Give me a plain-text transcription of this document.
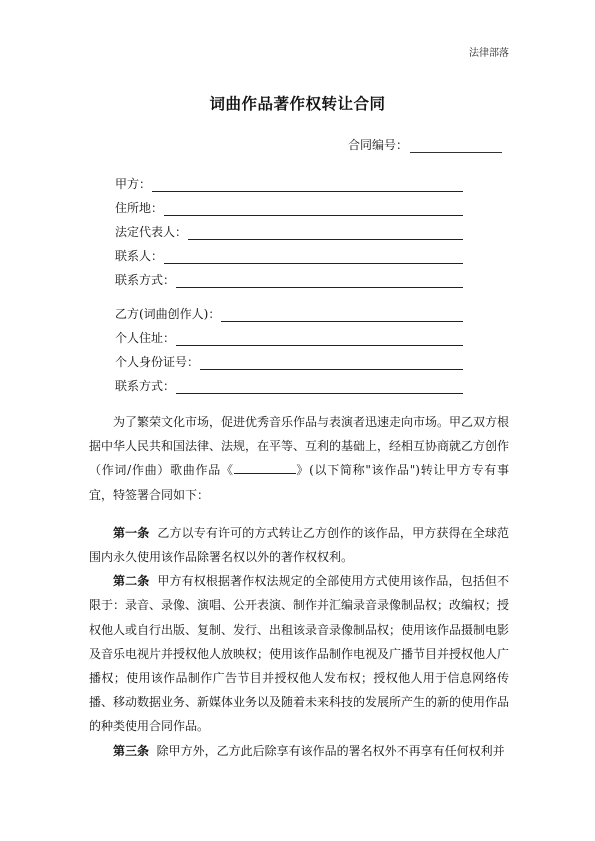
法律部落
词曲作品著作权转让合同
合同编号：
甲方：
住所地：
法定代表人：
联系人：
联系方式：
乙方(词曲创作人)：
个人住址：
个人身份证号：
联系方式：

为了繁荣文化市场，促进优秀音乐作品与表演者迅速走向市场。甲乙双方根据中华人民共和国法律、法规，在平等、互利的基础上，经相互协商就乙方创作（作词/作曲）歌曲作品《	》(以下简称"该作品")转让甲方专有事宜，特签署合同如下：

第一条 乙方以专有许可的方式转让乙方创作的该作品，甲方获得在全球范围内永久使用该作品除署名权以外的著作权权利。

第二条 甲方有权根据著作权法规定的全部使用方式使用该作品，包括但不限于：录音、录像、演唱、公开表演、制作并汇编录音录像制品权；改编权；授权他人或自行出版、复制、发行、出租该录音录像制品权；使用该作品摄制电影及音乐电视片并授权他人放映权；使用该作品制作电视及广播节目并授权他人广播权；使用该作品制作广告节目并授权他人发布权；授权他人用于信息网络传播、移动数据业务、新媒体业务以及随着未来科技的发展所产生的新的使用作品的种类使用合同作品。

第三条 除甲方外，乙方此后除享有该作品的署名权外不再享有任何权利并
